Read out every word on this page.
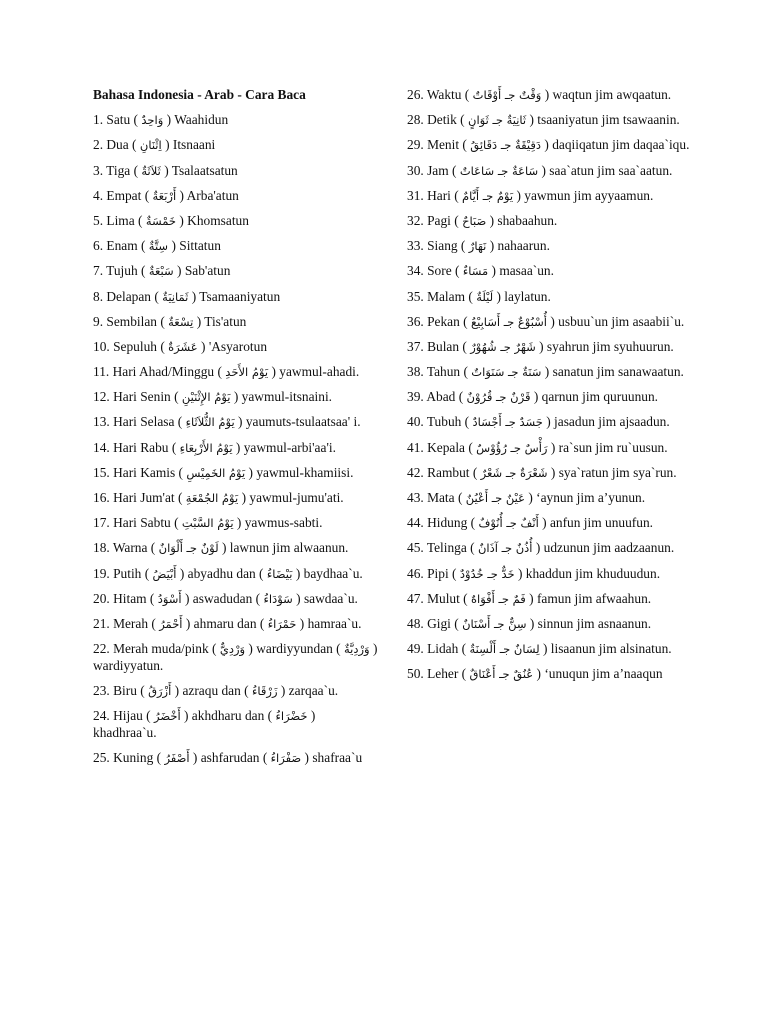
Bahasa Indonesia - Arab - Cara Baca
1. Satu ( وَاحِدٌ ) Waahidun
2. Dua ( اِثْنَانِ ) Itsnaani
3. Tiga ( ثَلاَثَةٌ ) Tsalaatsatun
4. Empat ( أَرْبَعَةٌ ) Arba'atun
5. Lima ( خَمْسَةٌ ) Khomsatun
6. Enam ( سِتَّةٌ ) Sittatun
7. Tujuh ( سَبْعَةٌ ) Sab'atun
8. Delapan ( ثَمَانِيَةٌ ) Tsamaaniyatun
9. Sembilan ( تِسْعَةٌ ) Tis'atun
10. Sepuluh ( عَشَرَةٌ ) 'Asyarotun
11. Hari Ahad/Minggu ( يَوْمُ الأَحَدِ ) yawmul-ahadi.
12. Hari Senin ( يَوْمُ الإِثْنَيْنِ ) yawmul-itsnaini.
13. Hari Selasa ( يَوْمُ الثُّلاَثَاءِ ) yaumuts-tsulaatsaa' i.
14. Hari Rabu ( يَوْمُ الأَرْبِعَاءِ ) yawmul-arbi'aa'i.
15. Hari Kamis ( يَوْمُ الخَمِيْسِ ) yawmul-khamiisi.
16. Hari Jum'at ( يَوْمُ الجُمْعَةِ ) yawmul-jumu'ati.
17. Hari Sabtu ( يَوْمُ السَّبْتِ ) yawmus-sabti.
18. Warna ( لَوْنٌ جـ أَلْوَانٌ ) lawnun jim alwaanun.
19. Putih ( أَبْيَضُ ) abyadhu dan ( بَيْضَاءُ ) baydhaa`u.
20. Hitam ( أَسْوَدُ ) aswadudan ( سَوْدَاءُ ) sawdaa`u.
21. Merah ( أَحْمَرُ ) ahmaru dan ( حَمْرَاءُ ) hamraa`u.
22. Merah muda/pink ( وَرْدِيٌّ ) wardiyyundan ( وَرْدِيَّةٌ ) wardiyyatun.
23. Biru ( أَزْرَقُ ) azraqu dan ( زَرْقَاءُ ) zarqaa`u.
24. Hijau ( أَخْضَرُ ) akhdharu dan ( خَضْرَاءُ ) khadhraa`u.
25. Kuning ( أَصْفَرُ ) ashfarudan ( صَفْرَاءُ ) shafraa`u
26. Waktu ( وَقْتٌ جـ أَوْقَاتٌ ) waqtun jim awqaatun.
28. Detik ( ثَانِيَةٌ جـ ثَوَانٍ ) tsaaniyatun jim tsawaanin.
29. Menit ( دَقِيْقَةٌ جـ دَقَائِقُ ) daqiiqatun jim daqaa`iqu.
30. Jam ( سَاعَةٌ جـ سَاعَاتٌ ) saa`atun jim saa`aatun.
31. Hari ( يَوْمٌ جـ أَيَّامٌ ) yawmun jim ayyaamun.
32. Pagi ( صَبَاحٌ ) shabaahun.
33. Siang ( نَهَارٌ ) nahaarun.
34. Sore ( مَسَاءٌ ) masaa`un.
35. Malam ( لَيْلَةٌ ) laylatun.
36. Pekan ( أُسْبُوْعٌ جـ أَسَابِيْعُ ) usbuu`un jim asaabii`u.
37. Bulan ( شَهْرٌ جـ شُهُوْرٌ ) syahrun jim syuhuurun.
38. Tahun ( سَنَةٌ جـ سَنَوَاتٌ ) sanatun jim sanawaatun.
39. Abad ( قَرْنٌ جـ قُرُوْنٌ ) qarnun jim quruunun.
40. Tubuh ( جَسَدٌ جـ أَجْسَادٌ ) jasadun jim ajsaadun.
41. Kepala ( رَأْسٌ جـ رُؤُوْسٌ ) ra`sun jim ru`uusun.
42. Rambut ( شَعْرَةٌ جـ شَعْرٌ ) sya`ratun jim sya`run.
43. Mata ( عَيْنٌ جـ أَعْيُنٌ ) ‘aynun jim a’yunun.
44. Hidung ( أَنْفٌ جـ أُنُوْفٌ ) anfun jim unuufun.
45. Telinga ( أُذُنٌ جـ آذَانٌ ) udzunun jim aadzaanun.
46. Pipi ( خَدٌّ جـ خُدُوْدٌ ) khaddun jim khuduudun.
47. Mulut ( فَمٌ جـ أَفْوَاهٌ ) famun jim afwaahun.
48. Gigi ( سِنٌّ جـ أَسْنَانٌ ) sinnun jim asnaanun.
49. Lidah ( لِسَانٌ جـ أَلْسِنَةٌ ) lisaanun jim alsinatun.
50. Leher ( عُنُقٌ جـ أَعْنَاقٌ ) ‘unuqun jim a’naaqun
